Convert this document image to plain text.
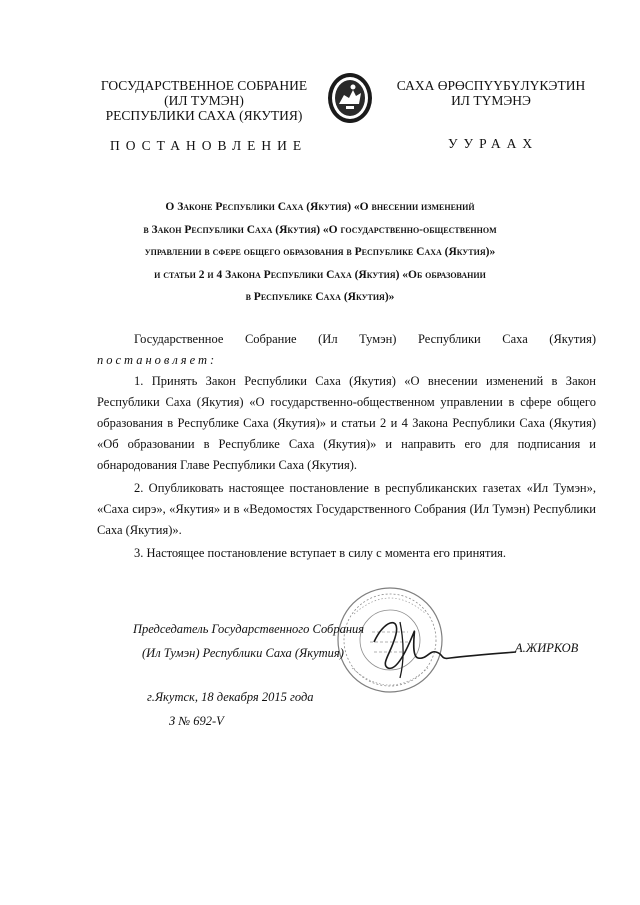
ГОСУДАРСТВЕННОЕ СОБРАНИЕ
(ИЛ ТУМЭН)
РЕСПУБЛИКИ САХА (ЯКУТИЯ)
САХА ӨРӨСПҮҮБҮЛҮКЭТИН
ИЛ ТҮМЭНЭ
ПОСТАНОВЛЕНИЕ	УУРААХ
О Законе Республики Саха (Якутия) «О внесении изменений
в Закон Республики Саха (Якутия) «О государственно-общественном
управлении в сфере общего образования в Республике Саха (Якутия)»
и статьи 2 и 4 Закона Республики Саха (Якутия) «Об образовании
в Республике Саха (Якутия)»
Государственное Собрание (Ил Тумэн) Республики Саха (Якутия)

постановляет:

1. Принять Закон Республики Саха (Якутия) «О внесении изменений в Закон Республики Саха (Якутия) «О государственно-общественном управлении в сфере общего образования в Республике Саха (Якутия)» и статьи 2 и 4 Закона Республики Саха (Якутия) «Об образовании в Республике Саха (Якутия)» и направить его для подписания и обнародования Главе Республики Саха (Якутия).

2. Опубликовать настоящее постановление в республиканских газетах «Ил Тумэн», «Саха сирэ», «Якутия» и в «Ведомостях Государственного Собрания (Ил Тумэн) Республики Саха (Якутия)».

3. Настоящее постановление вступает в силу с момента его принятия.

Председатель Государственного Собрания
(Ил Тумэн) Республики Саха (Якутия)	А.ЖИРКОВ
г.Якутск, 18 декабря 2015 года
З № 692-V
